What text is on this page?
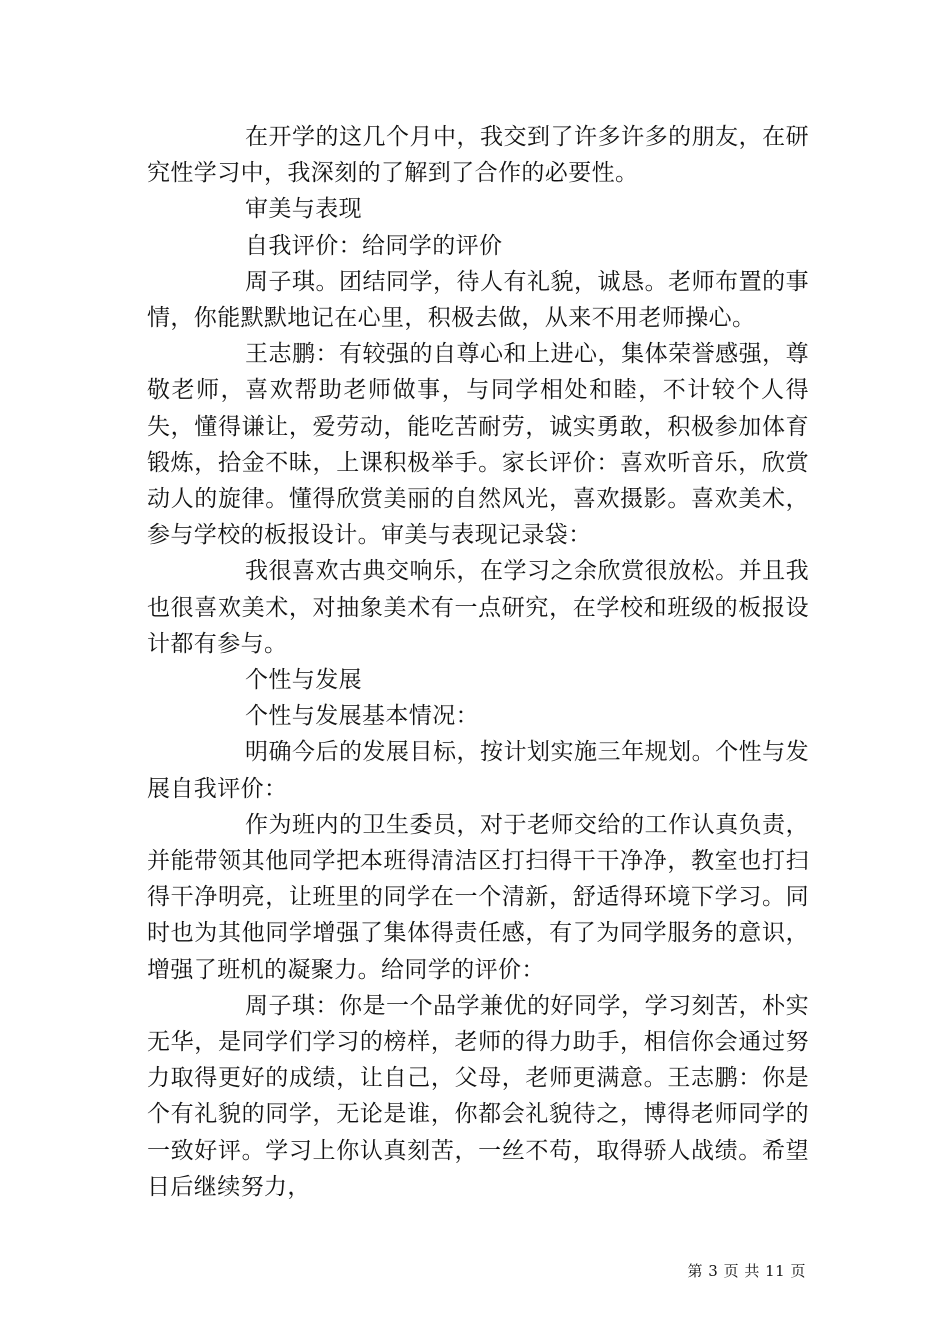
在开学的这几个月中，我交到了许多许多的朋友，在研究性学习中，我深刻的了解到了合作的必要性。

审美与表现

自我评价：给同学的评价

周子琪。团结同学，待人有礼貌，诚恳。老师布置的事情，你能默默地记在心里，积极去做，从来不用老师操心。

王志鹏：有较强的自尊心和上进心，集体荣誉感强，尊敬老师，喜欢帮助老师做事，与同学相处和睦，不计较个人得失，懂得谦让，爱劳动，能吃苦耐劳，诚实勇敢，积极参加体育锻炼，拾金不昧，上课积极举手。家长评价：喜欢听音乐，欣赏动人的旋律。懂得欣赏美丽的自然风光，喜欢摄影。喜欢美术，参与学校的板报设计。审美与表现记录袋：

我很喜欢古典交响乐，在学习之余欣赏很放松。并且我也很喜欢美术，对抽象美术有一点研究，在学校和班级的板报设计都有参与。

个性与发展

个性与发展基本情况：

明确今后的发展目标，按计划实施三年规划。个性与发展自我评价：

作为班内的卫生委员，对于老师交给的工作认真负责，并能带领其他同学把本班得清洁区打扫得干干净净，教室也打扫得干净明亮，让班里的同学在一个清新，舒适得环境下学习。同时也为其他同学增强了集体得责任感，有了为同学服务的意识，增强了班机的凝聚力。给同学的评价：

周子琪：你是一个品学兼优的好同学，学习刻苦，朴实无华，是同学们学习的榜样，老师的得力助手，相信你会通过努力取得更好的成绩，让自己，父母，老师更满意。王志鹏：你是个有礼貌的同学，无论是谁，你都会礼貌待之，博得老师同学的一致好评。学习上你认真刻苦，一丝不苟，取得骄人战绩。希望日后继续努力，

第 3 页 共 11 页
